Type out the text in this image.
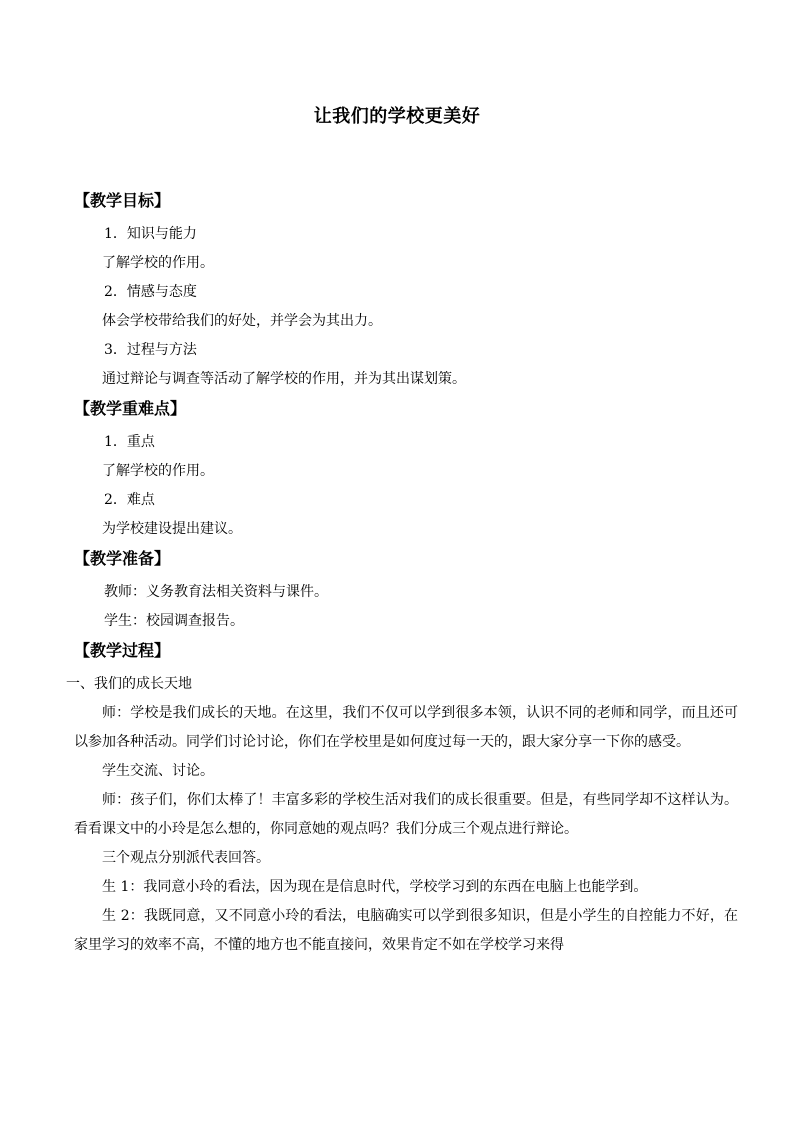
让我们的学校更美好
【教学目标】

1．知识与能力

了解学校的作用。

2．情感与态度

体会学校带给我们的好处，并学会为其出力。

3．过程与方法

通过辩论与调查等活动了解学校的作用，并为其出谋划策。

【教学重难点】

1．重点

了解学校的作用。

2．难点

为学校建设提出建议。

【教学准备】

教师：义务教育法相关资料与课件。

学生：校园调查报告。

【教学过程】

一、我们的成长天地

师：学校是我们成长的天地。在这里，我们不仅可以学到很多本领，认识不同的老师和同学，而且还可以参加各种活动。同学们讨论讨论，你们在学校里是如何度过每一天的，跟大家分享一下你的感受。

学生交流、讨论。

师：孩子们，你们太棒了！丰富多彩的学校生活对我们的成长很重要。但是，有些同学却不这样认为。看看课文中的小玲是怎么想的，你同意她的观点吗？我们分成三个观点进行辩论。

三个观点分别派代表回答。

生 1：我同意小玲的看法，因为现在是信息时代，学校学习到的东西在电脑上也能学到。

生 2：我既同意，又不同意小玲的看法，电脑确实可以学到很多知识，但是小学生的自控能力不好，在家里学习的效率不高，不懂的地方也不能直接问，效果肯定不如在学校学习来得
